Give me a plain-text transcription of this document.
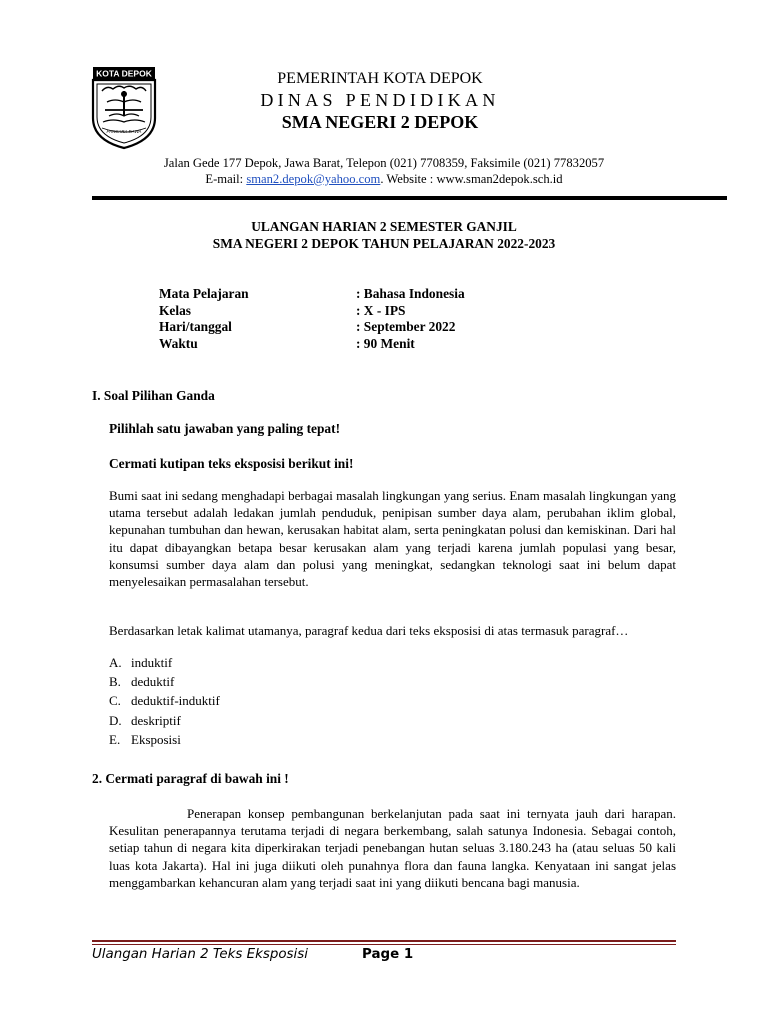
KOTA DEPOK
PANCARA DAWA
PEMERINTAH KOTA DEPOK
DINAS PENDIDIKAN
SMA NEGERI 2 DEPOK
Jalan Gede 177 Depok, Jawa Barat, Telepon (021) 7708359, Faksimile (021) 77832057
E-mail: sman2.depok@yahoo.com. Website : www.sman2depok.sch.id
ULANGAN HARIAN 2 SEMESTER GANJIL
SMA NEGERI 2 DEPOK TAHUN PELAJARAN 2022-2023
Mata Pelajaran	: Bahasa Indonesia
Kelas	: X - IPS
Hari/tanggal	: September 2022
Waktu	: 90 Menit
I. Soal Pilihan Ganda
Pilihlah satu jawaban yang paling tepat!
Cermati kutipan teks eksposisi berikut ini!
Bumi saat ini sedang menghadapi berbagai masalah lingkungan yang serius. Enam masalah lingkungan yang utama tersebut adalah ledakan jumlah penduduk, penipisan sumber daya alam, perubahan iklim global, kepunahan tumbuhan dan hewan, kerusakan habitat alam, serta peningkatan polusi dan kemiskinan. Dari hal itu dapat dibayangkan betapa besar kerusakan alam yang terjadi karena jumlah populasi yang besar, konsumsi sumber daya alam dan polusi yang meningkat, sedangkan teknologi saat ini belum dapat menyelesaikan permasalahan tersebut.
Berdasarkan letak kalimat utamanya, paragraf kedua dari teks eksposisi di atas termasuk paragraf…
A. induktif
B. deduktif
C. deduktif-induktif
D. deskriptif
E. Eksposisi
2. Cermati paragraf di bawah ini !
Penerapan konsep pembangunan berkelanjutan pada saat ini ternyata jauh dari harapan. Kesulitan penerapannya terutama terjadi di negara berkembang, salah satunya Indonesia. Sebagai contoh, setiap tahun di negara kita diperkirakan terjadi penebangan hutan seluas 3.180.243 ha (atau seluas 50 kali luas kota Jakarta). Hal ini juga diikuti oleh punahnya flora dan fauna langka. Kenyataan ini sangat jelas menggambarkan kehancuran alam yang terjadi saat ini yang diikuti bencana bagi manusia.
Ulangan Harian 2 Teks Eksposisi	Page 1
